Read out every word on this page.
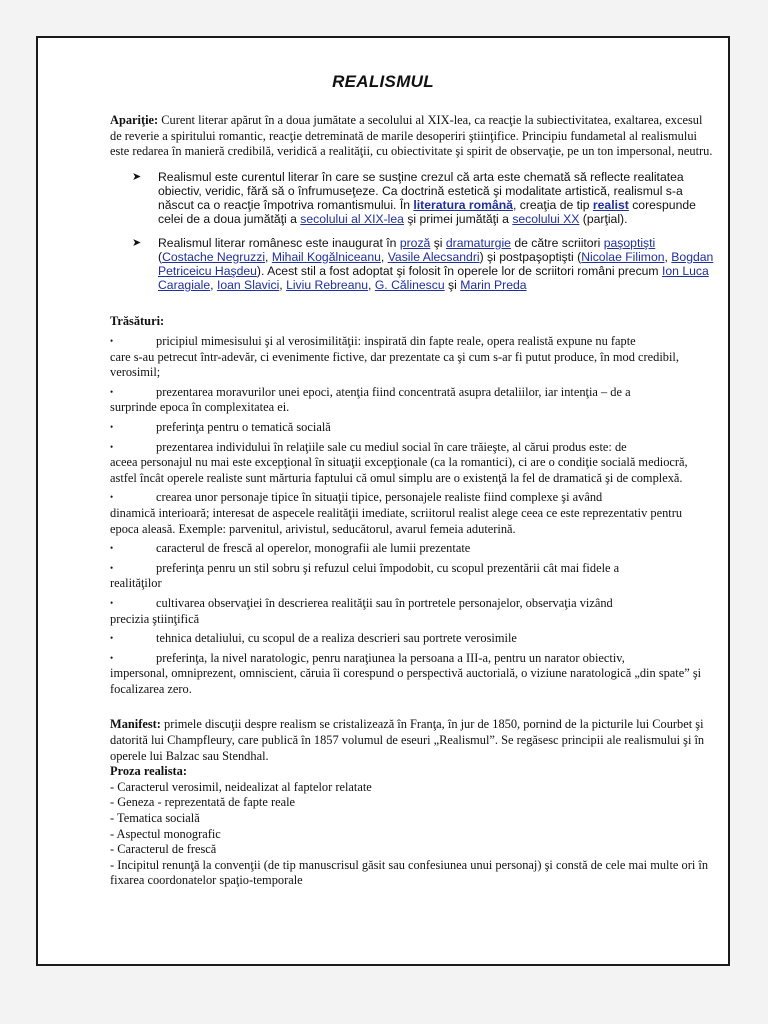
REALISMUL

Apariţie: Curent literar apărut în a doua jumătate a secolului al XIX-lea, ca reacţie la subiectivitatea, exaltarea, excesul de reverie a spiritului romantic, reacţie detreminată de marile desoperiri ştiinţifice. Principiu fundametal al realismului este redarea în manieră credibilă, veridică a realităţii, cu obiectivitate şi spirit de observaţie, pe un ton impersonal, neutru.

➤ Realismul este curentul literar în care se susţine crezul că arta este chemată să reflecte realitatea obiectiv, veridic, fără să o înfrumuseţeze. Ca doctrină estetică şi modalitate artistică, realismul s-a născut ca o reacţie împotriva romantismului. În literatura română, creaţia de tip realist corespunde celei de a doua jumătăţi a secolului al XIX-lea şi primei jumătăţi a secolului XX (parţial).
➤ Realismul literar românesc este inaugurat în proză şi dramaturgie de către scriitori paşoptişti (Costache Negruzzi, Mihail Kogălniceanu, Vasile Alecsandri) şi postpaşoptişti (Nicolae Filimon, Bogdan Petriceicu Haşdeu). Acest stil a fost adoptat şi folosit în operele lor de scriitori români precum Ion Luca Caragiale, Ioan Slavici, Liviu Rebreanu, G. Călinescu şi Marin Preda

Trăsături:

•	pricipiul mimesisului şi al verosimilităţii: inspirată din fapte reale, opera realistă expune nu fapte
care s-au petrecut într-adevăr, ci evenimente fictive, dar prezentate ca şi cum s-ar fi putut produce, în mod credibil, verosimil;
•	prezentarea moravurilor unei epoci, atenţia fiind concentrată asupra detaliilor, iar intenţia – de a
surprinde epoca în complexitatea ei.
•	preferinţa pentru o tematică socială
•	prezentarea individului în relaţiile sale cu mediul social în care trăieşte, al cărui produs este: de
aceea personajul nu mai este excepţional în situaţii excepţionale (ca la romantici), ci are o condiţie socială mediocră, astfel încât operele realiste sunt mărturia faptului că omul simplu are o existenţă la fel de dramatică şi de complexă.
•	crearea unor personaje tipice în situaţii tipice, personajele realiste fiind complexe şi având
dinamică interioară; interesat de aspecele realităţii imediate, scriitorul realist alege ceea ce este reprezentativ pentru epoca aleasă. Exemple: parvenitul, arivistul, seducătorul, avarul femeia aduterină.
•	caracterul de frescă al operelor, monografii ale lumii prezentate
•	preferinţa penru un stil sobru şi refuzul celui împodobit, cu scopul prezentării cât mai fidele a
realităţilor
•	cultivarea observaţiei în descrierea realităţii sau în portretele personajelor, observaţia vizând
precizia ştiinţifică
•	tehnica detaliului, cu scopul de a realiza descrieri sau portrete verosimile
•	preferinţa, la nivel naratologic, penru naraţiunea la persoana a III-a, pentru un narator obiectiv,
impersonal, omniprezent, omniscient, căruia îi corespund o perspectivă auctorială, o viziune naratologică „din spate” şi focalizarea zero.

Manifest: primele discuţii despre realism se cristalizează în Franţa, în jur de 1850, pornind de la picturile lui Courbet şi datorită lui Champfleury, care publică în 1857 volumul de eseuri „Realismul”. Se regăsesc principii ale realismului şi în operele lui Balzac sau Stendhal.

Proza realista:

- Caracterul verosimil, neidealizat al faptelor relatate

- Geneza - reprezentată de fapte reale

- Tematica socială

- Aspectul monografic

- Caracterul de frescă

- Incipitul renunţă la convenţii (de tip manuscrisul găsit sau confesiunea unui personaj) şi constă de cele mai multe ori în fixarea coordonatelor spaţio-temporale
